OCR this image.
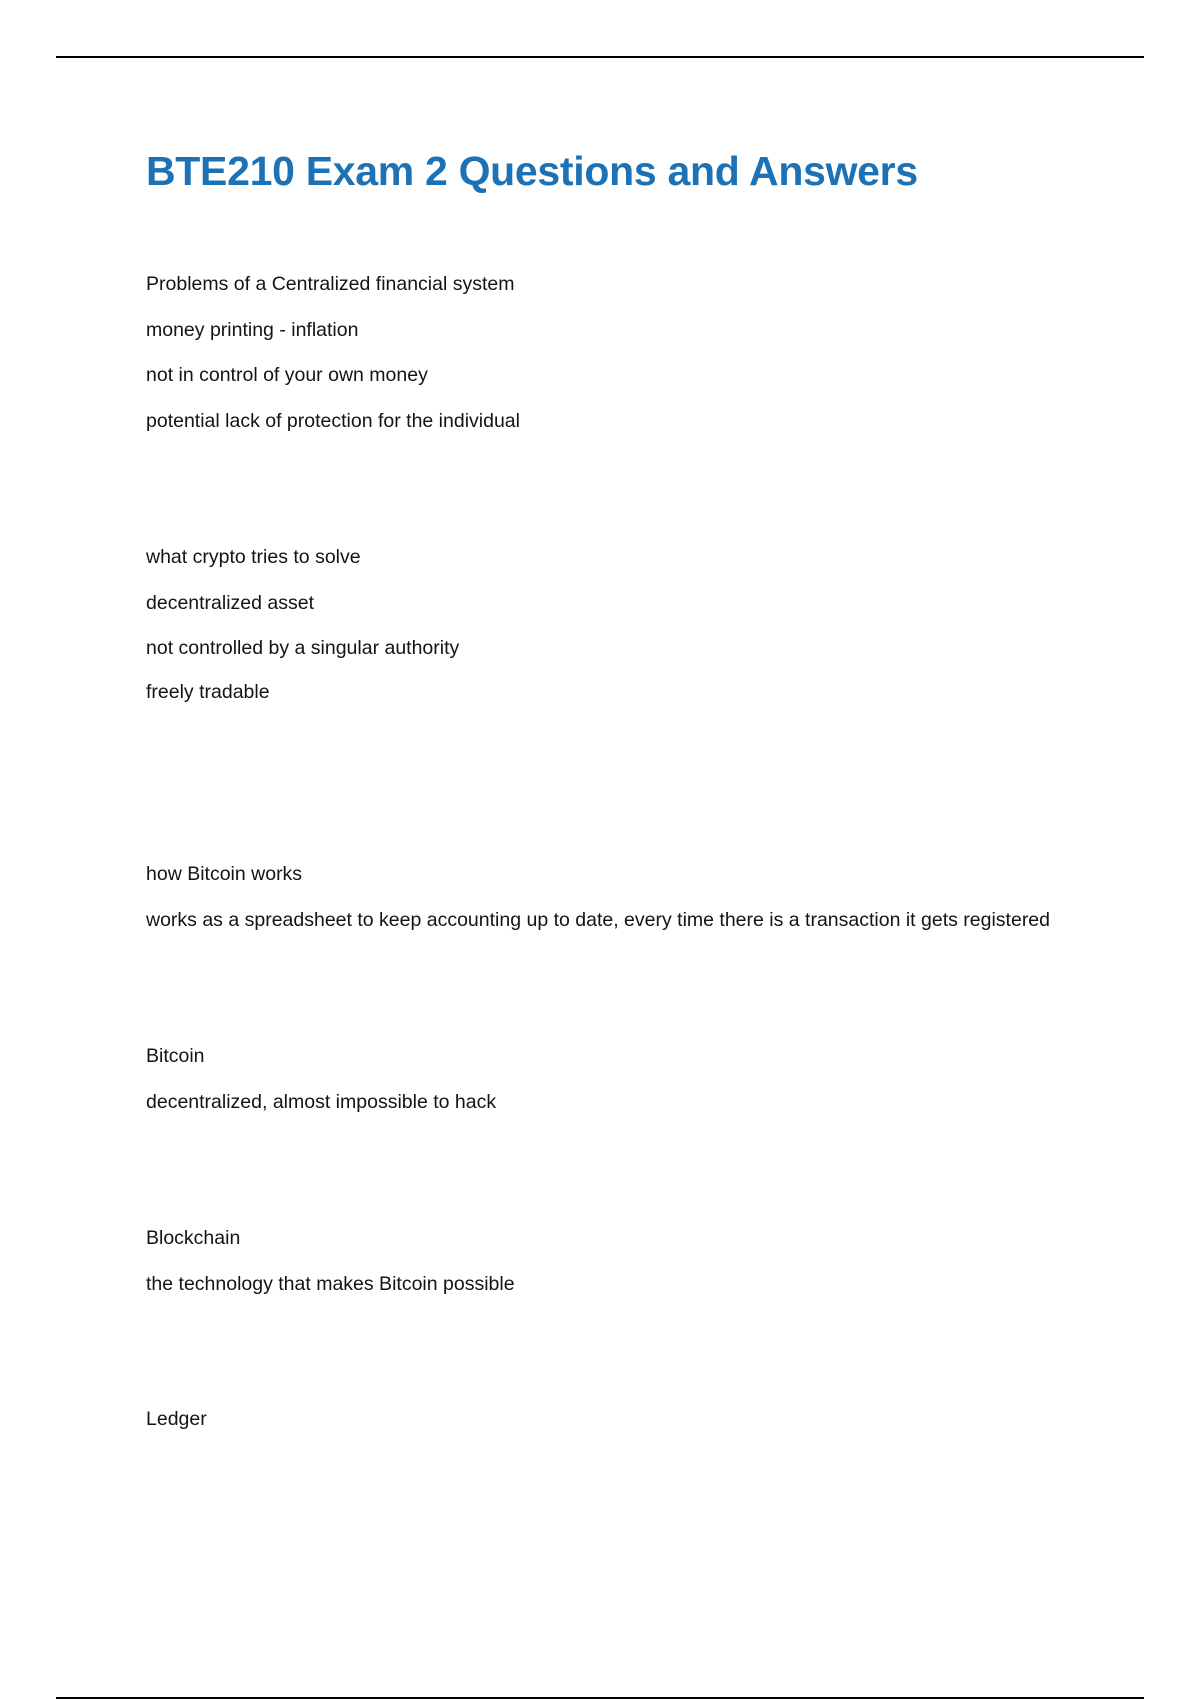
BTE210 Exam 2 Questions and Answers

Problems of a Centralized financial system

money printing - inflation

not in control of your own money

potential lack of protection for the individual

what crypto tries to solve

decentralized asset

not controlled by a singular authority

freely tradable

how Bitcoin works

works as a spreadsheet to keep accounting up to date, every time there is a transaction it gets registered

Bitcoin

decentralized, almost impossible to hack

Blockchain

the technology that makes Bitcoin possible

Ledger
